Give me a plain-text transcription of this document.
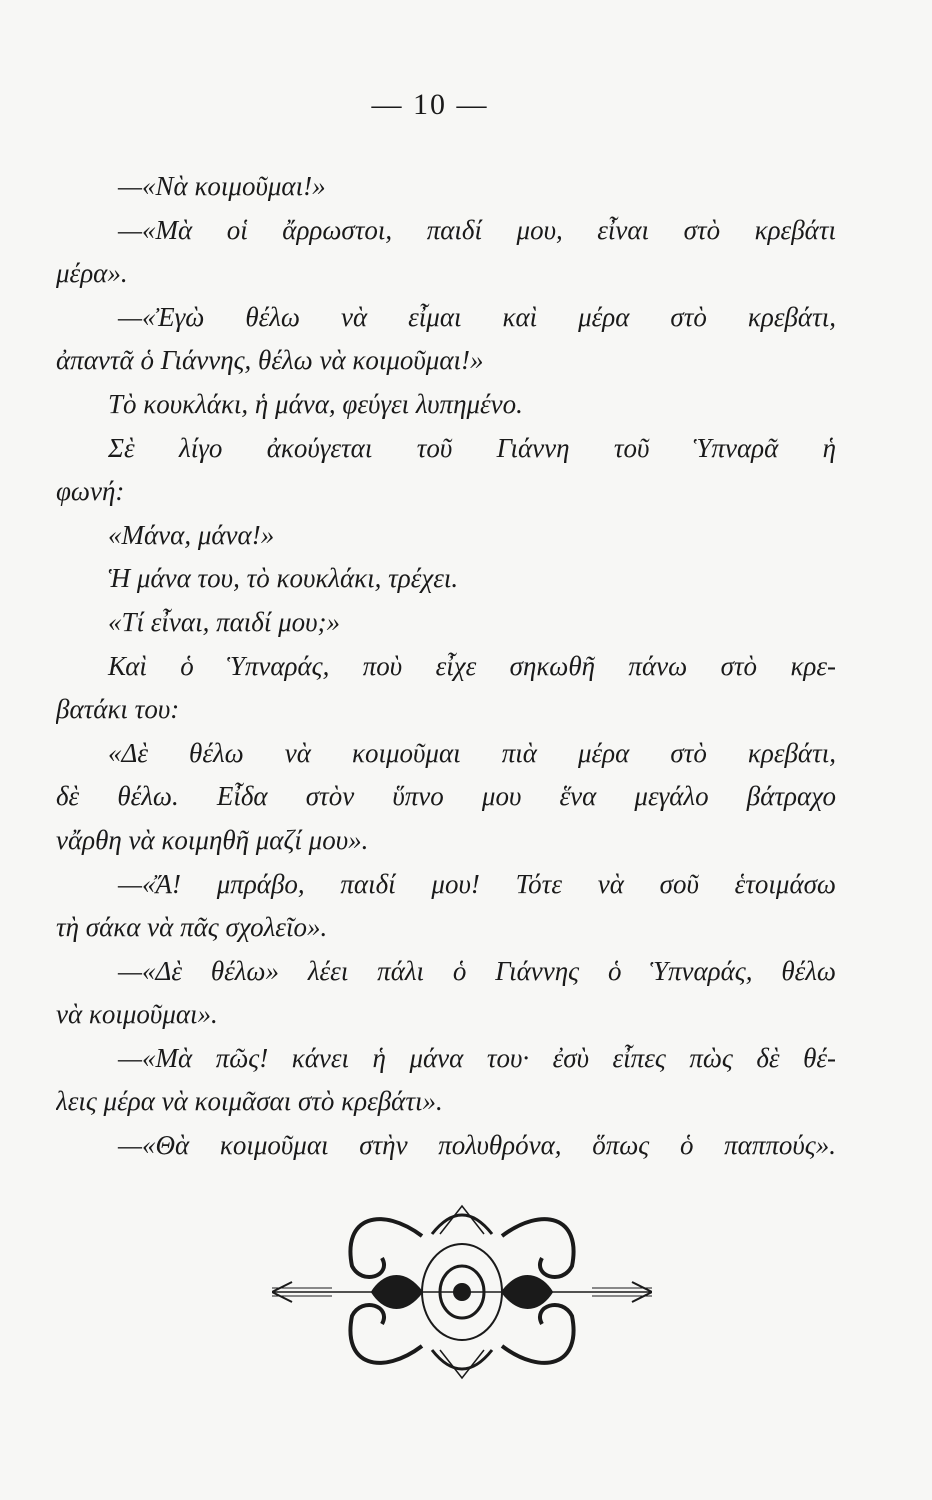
— 10 —
—«Νὰ κοιμοῦμαι!»
—«Μὰ οἱ ἄρρωστοι, παιδί μου, εἶναι στὸ κρεβάτι
μέρα».
—«Ἐγὼ θέλω νὰ εἶμαι καὶ μέρα στὸ κρεβάτι,
ἀπαντᾶ ὁ Γιάννης, θέλω νὰ κοιμοῦμαι!»
Τὸ κουκλάκι, ἡ μάνα, φεύγει λυπημένο.
Σὲ λίγο ἀκούγεται τοῦ Γιάννη τοῦ Ὑπναρᾶ ἡ
φωνή:
«Μάνα, μάνα!»
Ἡ μάνα του, τὸ κουκλάκι, τρέχει.
«Τί εἶναι, παιδί μου;»
Καὶ ὁ Ὑπναράς, ποὺ εἶχε σηκωθῆ πάνω στὸ κρε-
βατάκι του:
«Δὲ θέλω νὰ κοιμοῦμαι πιὰ μέρα στὸ κρεβάτι,
δὲ θέλω. Εἶδα στὸν ὕπνο μου ἕνα μεγάλο βάτραχο
νἄρθη νὰ κοιμηθῆ μαζί μου».
—«Ἄ! μπράβο, παιδί μου! Τότε νὰ σοῦ ἑτοιμάσω
τὴ σάκα νὰ πᾶς σχολεῖο».
—«Δὲ θέλω» λέει πάλι ὁ Γιάννης ὁ Ὑπναράς, θέλω
νὰ κοιμοῦμαι».
—«Μὰ πῶς! κάνει ἡ μάνα του· ἐσὺ εἶπες πὼς δὲ θέ-
λεις μέρα νὰ κοιμᾶσαι στὸ κρεβάτι».
—«Θὰ κοιμοῦμαι στὴν πολυθρόνα, ὅπως ὁ παππούς».
